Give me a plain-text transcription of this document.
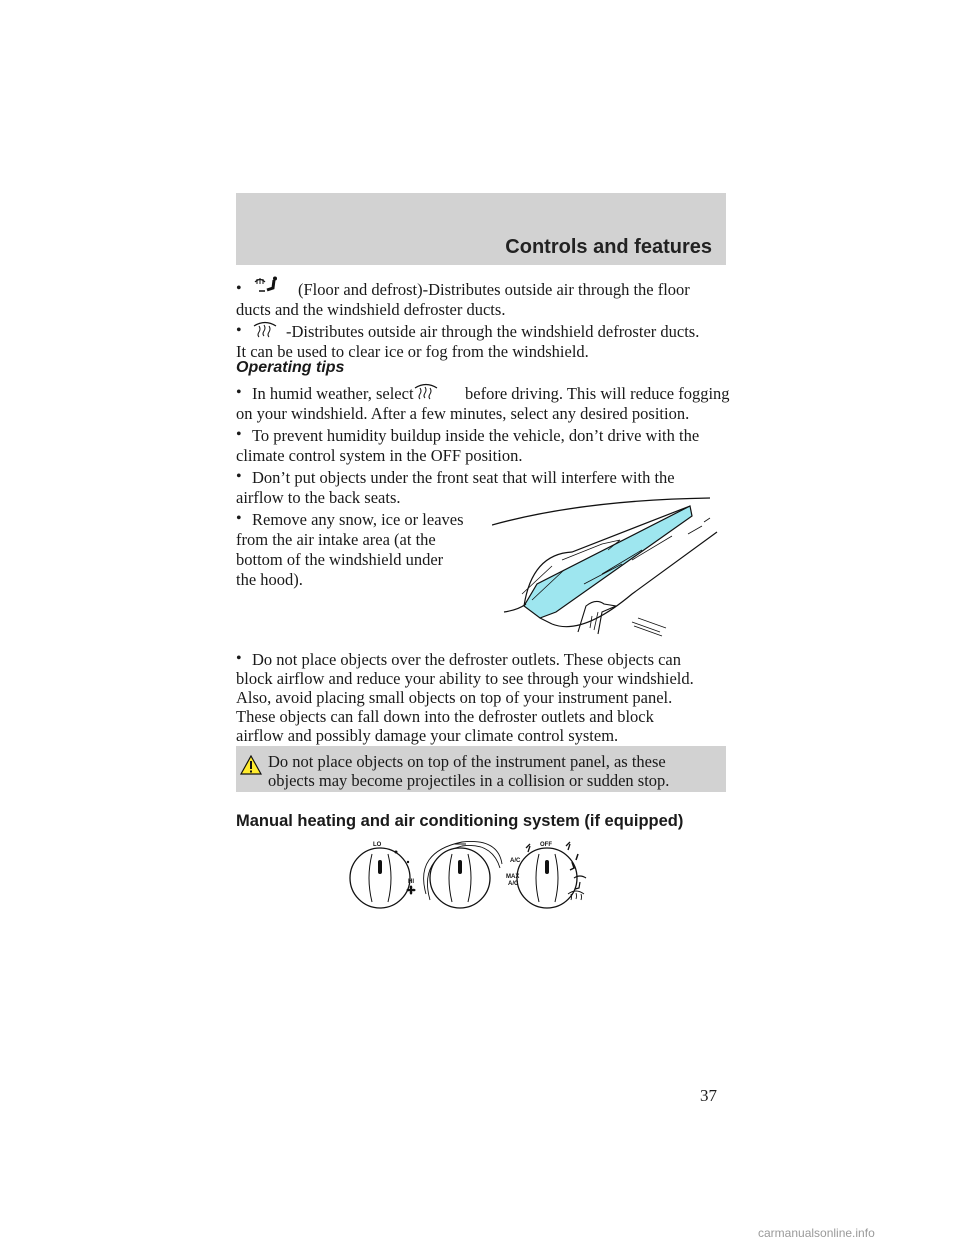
Controls and features
•	(Floor and defrost)-Distributes outside air through the floor
ducts and the windshield defroster ducts.
•	-Distributes outside air through the windshield defroster ducts.
It can be used to clear ice or fog from the windshield.
Operating tips
• In humid weather, select	before driving. This will reduce fogging
on your windshield. After a few minutes, select any desired position.
• To prevent humidity buildup inside the vehicle, don’t drive with the
climate control system in the OFF position.
• Don’t put objects under the front seat that will interfere with the
airflow to the back seats.
• Remove any snow, ice or leaves
from the air intake area (at the
bottom of the windshield under
the hood).
• Do not place objects over the defroster outlets. These objects can
block airflow and reduce your ability to see through your windshield.
Also, avoid placing small objects on top of your instrument panel.
These objects can fall down into the defroster outlets and block
airflow and possibly damage your climate control system.
Do not place objects on top of the instrument panel, as these
objects may become projectiles in a collision or sudden stop.
Manual heating and air conditioning system (if equipped)
LO
HI
OFF
A/C
MAX
A/C
37
carmanualsonline.info
